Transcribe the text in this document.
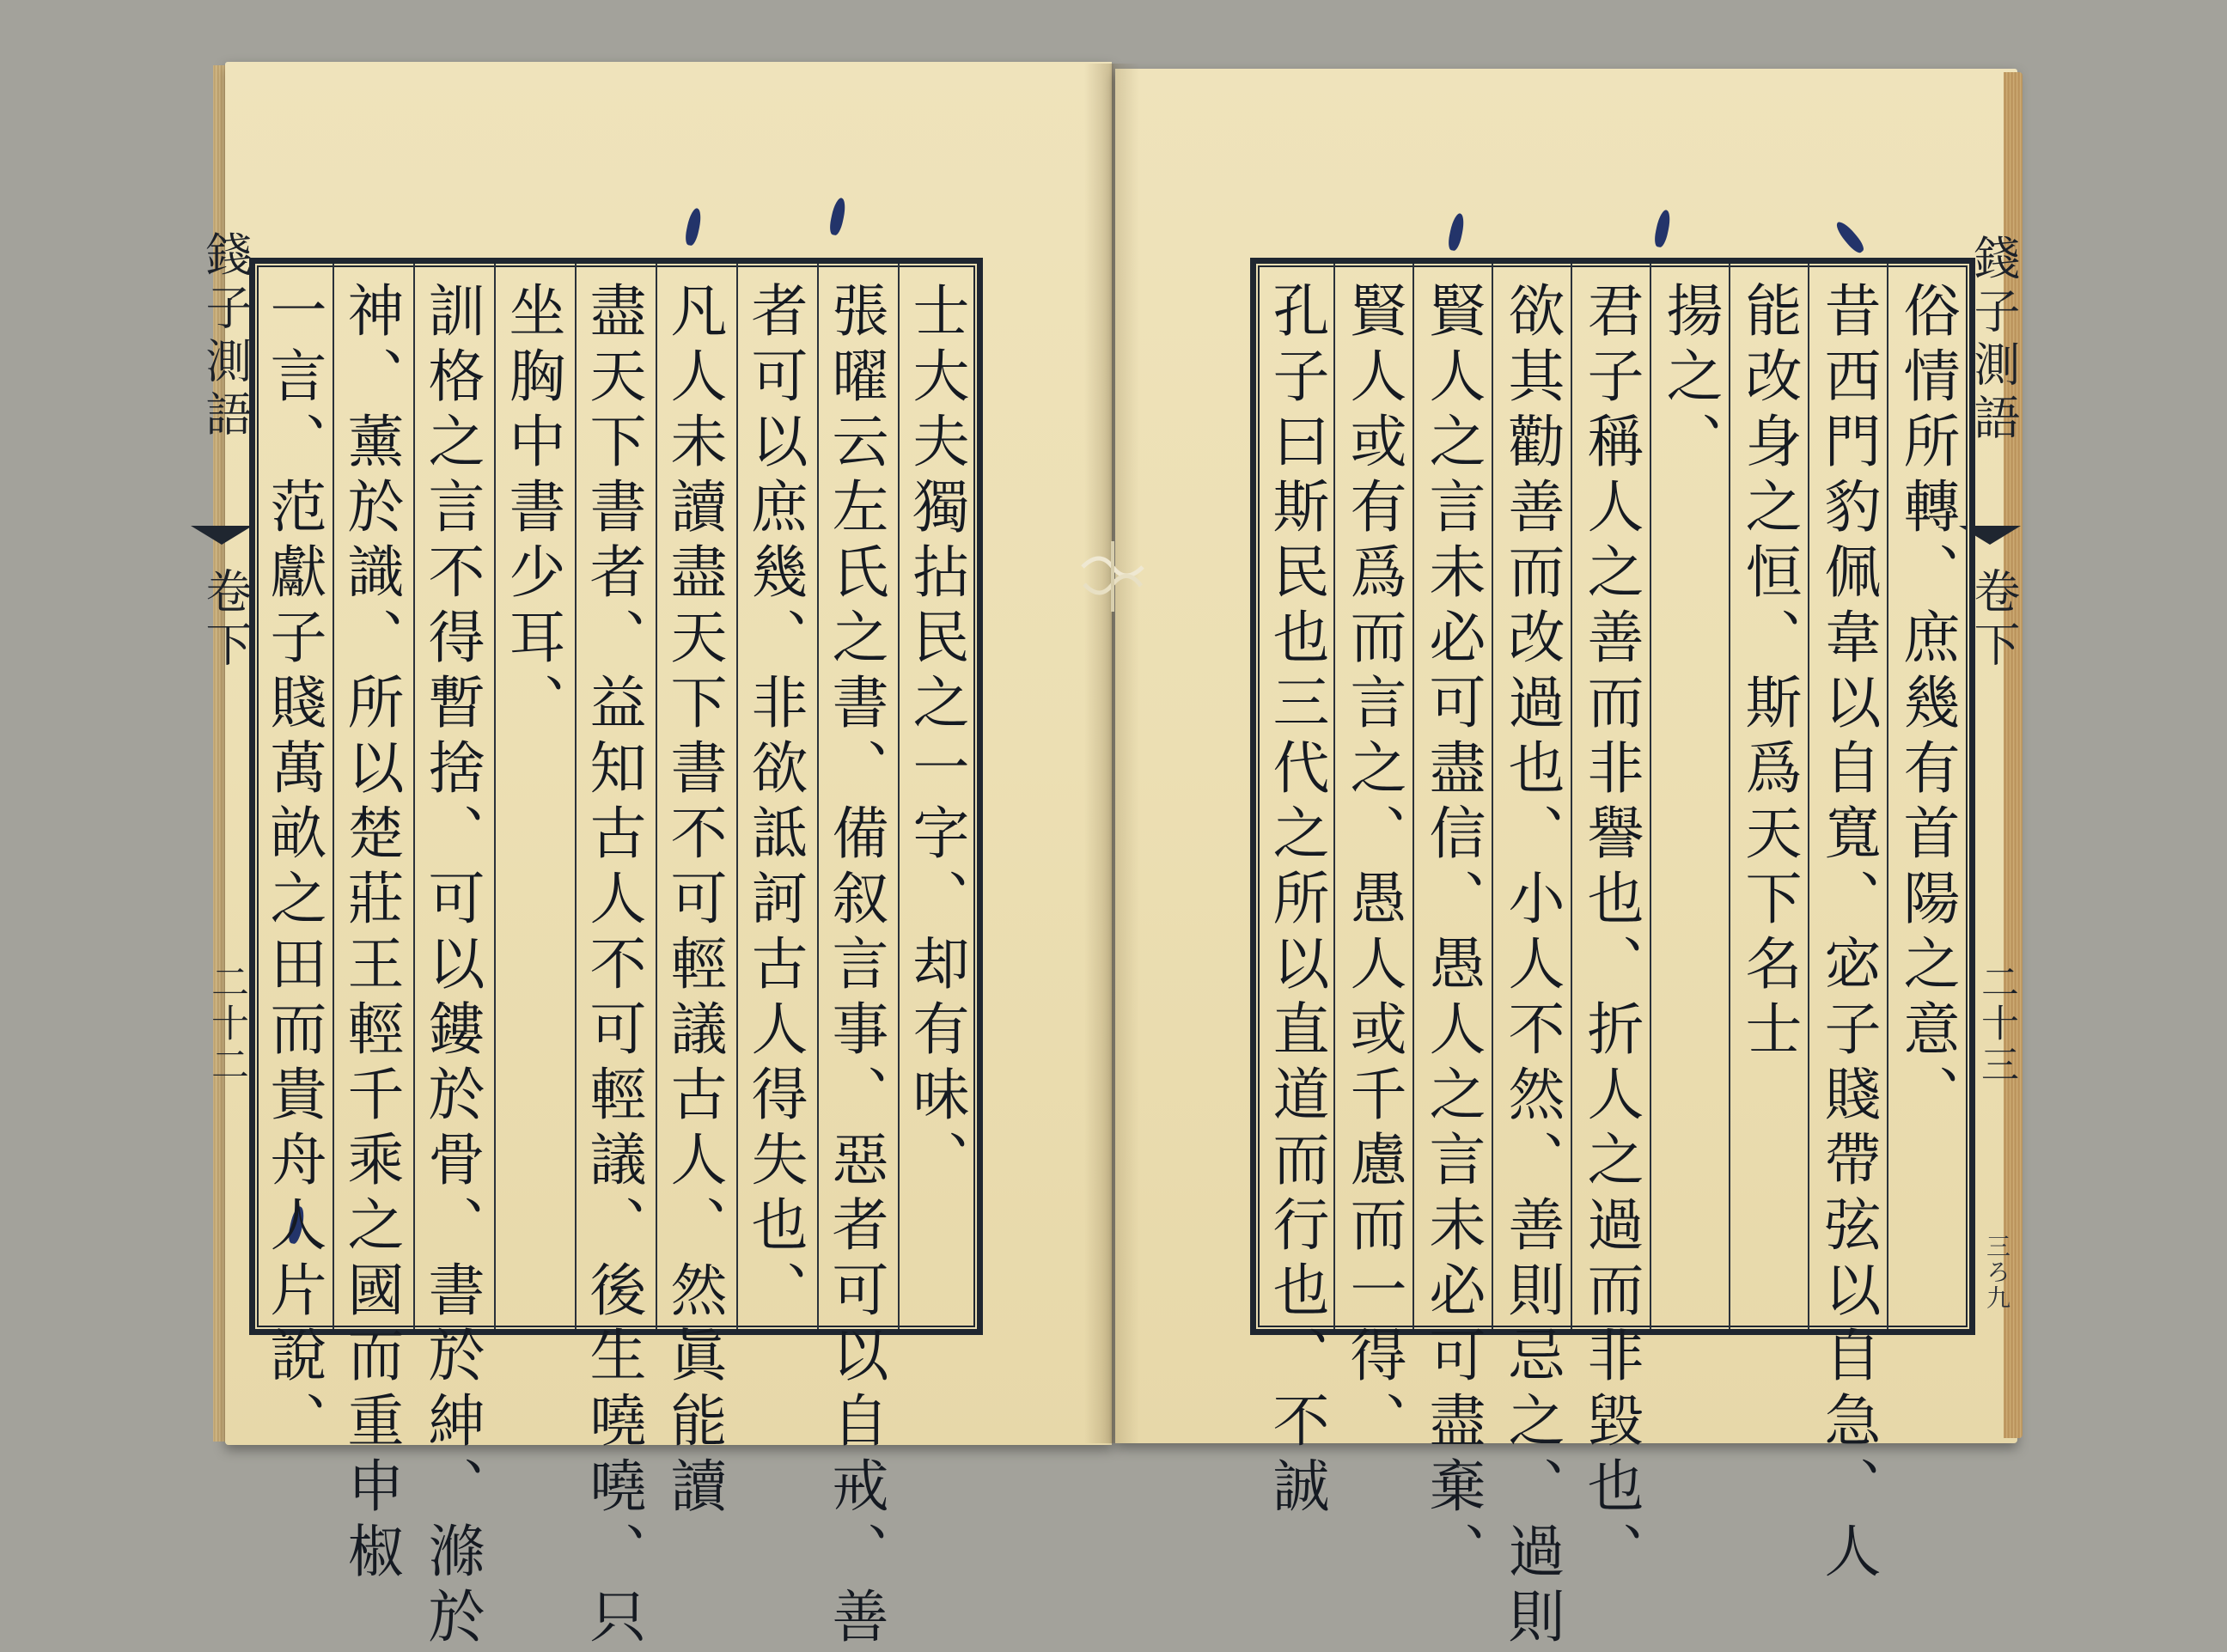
錢子測語
卷下
二十二	士大夫獨拈民之一字、却有味、
張曜云左氏之書、備叙言事、惡者可以自戒、善
者可以庶幾、非欲詆訶古人得失也、
凡人未讀盡天下書不可輕議古人、然眞能讀
盡天下書者、益知古人不可輕議、後生嘵嘵、只
坐胸中書少耳、
訓格之言不得暫捨、可以鏤於骨、書於紳、滌於
神、薰於識、所以楚莊王輕千乘之國而重申椒
一言、范獻子賤萬畝之田而貴舟人片說、	錢子測語
卷下
二十三
三ろ九
俗情所轉、庶幾有首陽之意、
昔西門豹佩韋以自寬、宓子賤帶弦以自急、人
能改身之恒、斯爲天下名士
揚之、
君子稱人之善而非譽也、折人之過而非毀也、
欲其勸善而改過也、小人不然、善則忌之、過則
賢人之言未必可盡信、愚人之言未必可盡棄、
賢人或有爲而言之、愚人或千慮而一得、
孔子曰斯民也三代之所以直道而行也、不誠
